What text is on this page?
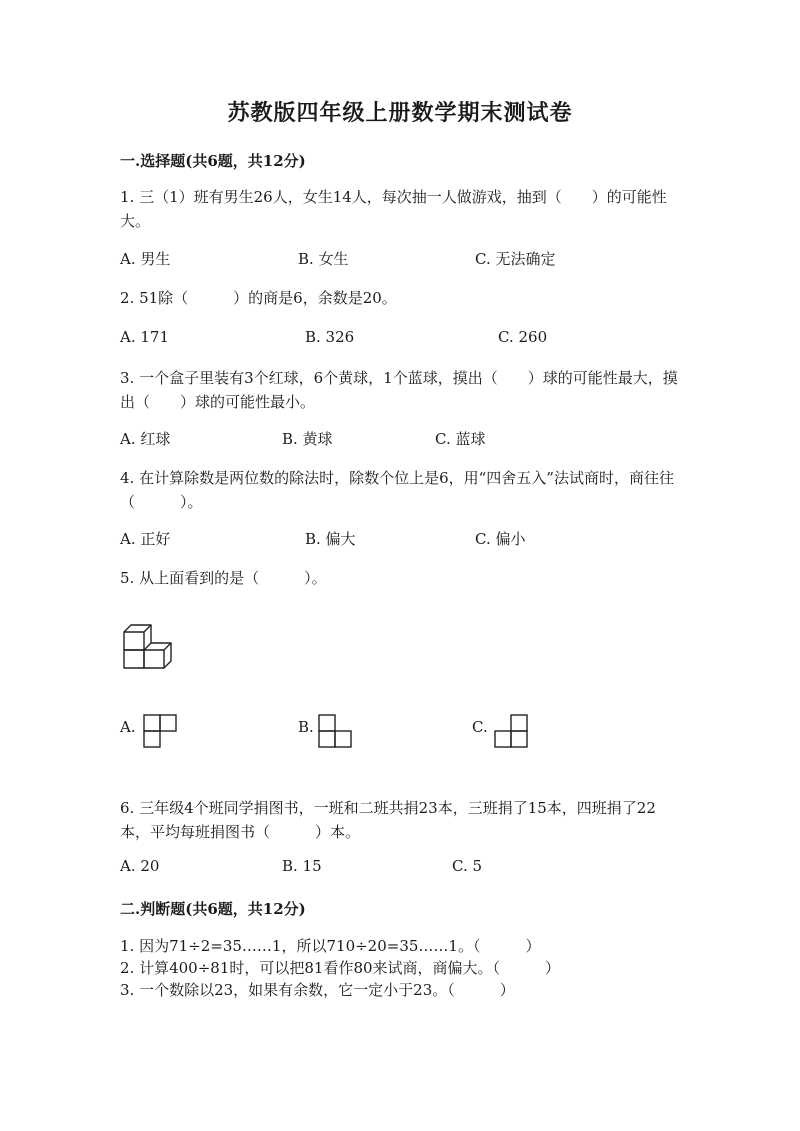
苏教版四年级上册数学期末测试卷
一.选择题(共6题，共12分)
1. 三（1）班有男生26人，女生14人，每次抽一人做游戏，抽到（　　）的可能性大。
A. 男生	B. 女生	C. 无法确定
2. 51除（　　　）的商是6，余数是20。
A. 171	B. 326	C. 260
3. 一个盒子里装有3个红球，6个黄球，1个蓝球，摸出（　　）球的可能性最大，摸出（　　）球的可能性最小。
A. 红球	B. 黄球	C. 蓝球
4. 在计算除数是两位数的除法时，除数个位上是6，用“四舍五入”法试商时，商往往（　　　）。
A. 正好	B. 偏大	C. 偏小
5. 从上面看到的是（　　　）。
A.	B.	C.
6. 三年级4个班同学捐图书，一班和二班共捐23本，三班捐了15本，四班捐了22本，平均每班捐图书（　　　）本。
A. 20	B. 15	C. 5
二.判断题(共6题，共12分)
1. 因为71÷2=35……1，所以710÷20=35……1。（　　　）
2. 计算400÷81时，可以把81看作80来试商，商偏大。（　　　）
3. 一个数除以23，如果有余数，它一定小于23。（　　　）
